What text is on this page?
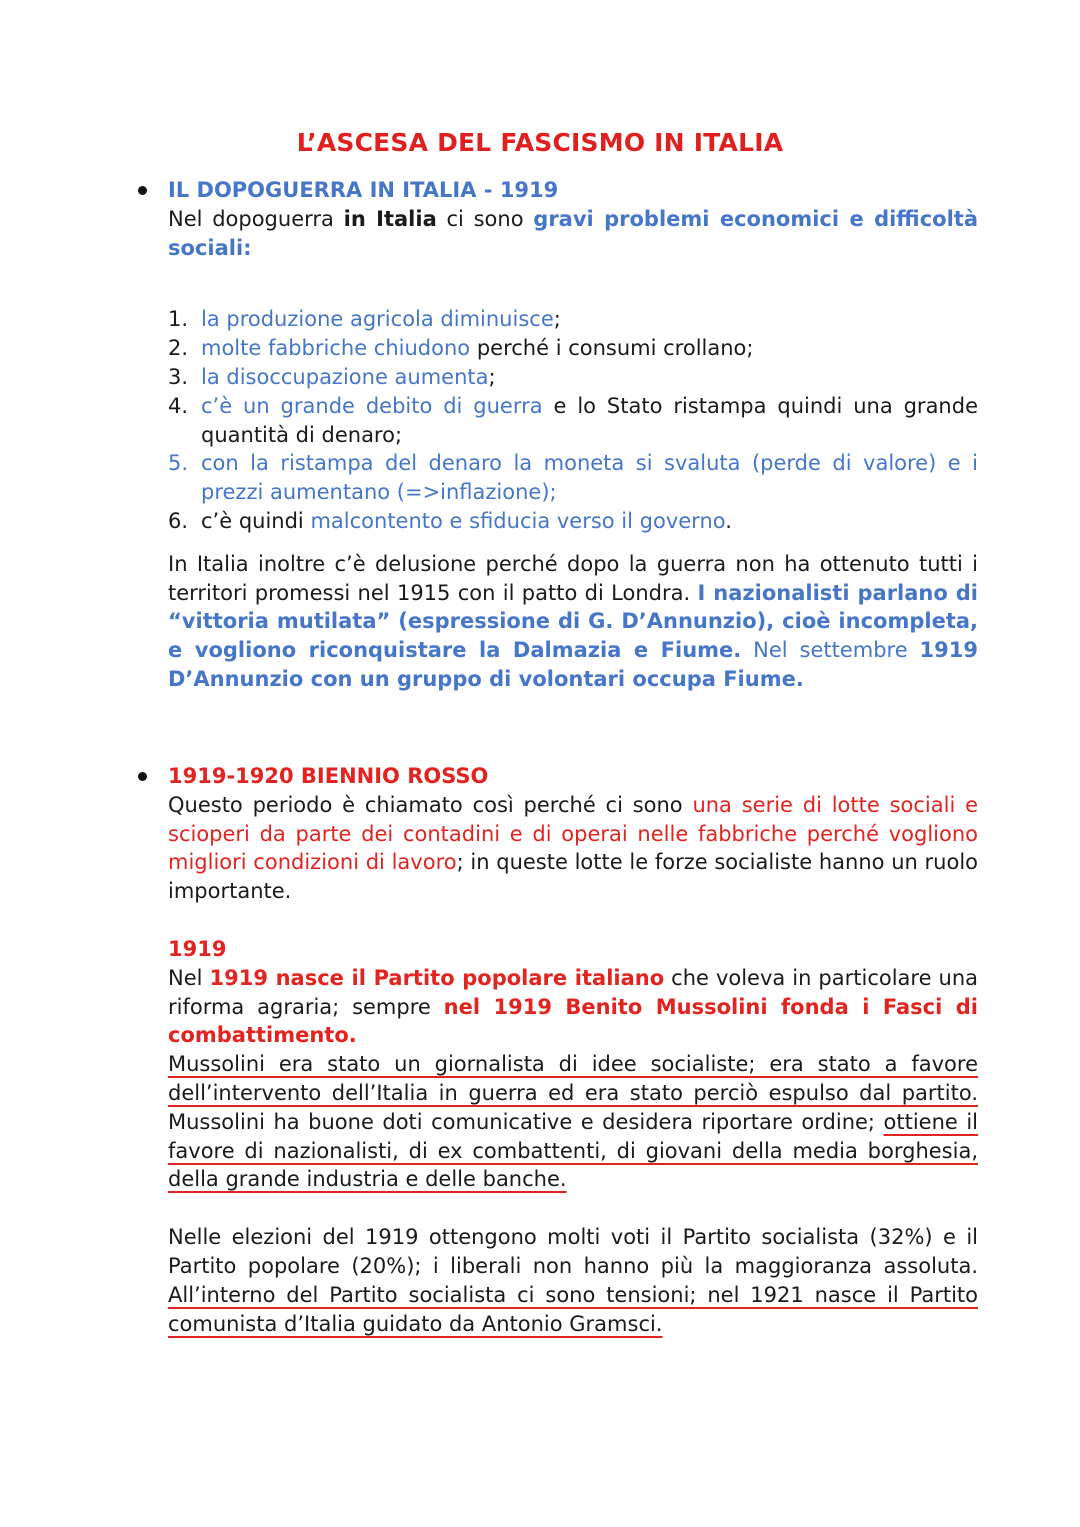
L’ASCESA DEL FASCISMO IN ITALIA

IL DOPOGUERRA IN ITALIA - 1919

Nel dopoguerra in Italia ci sono gravi problemi economici e difficoltà sociali:

1. la produzione agricola diminuisce;
2. molte fabbriche chiudono perché i consumi crollano;
3. la disoccupazione aumenta;
4. c’è un grande debito di guerra e lo Stato ristampa quindi una grande quantità di denaro;
5. con la ristampa del denaro la moneta si svaluta (perde di valore) e i prezzi aumentano (=>inflazione);
6. c’è quindi malcontento e sfiducia verso il governo.

In Italia inoltre c’è delusione perché dopo la guerra non ha ottenuto tutti i territori promessi nel 1915 con il patto di Londra. I nazionalisti parlano di “vittoria mutilata” (espressione di G. D’Annunzio), cioè incompleta, e vogliono riconquistare la Dalmazia e Fiume. Nel settembre 1919 D’Annunzio con un gruppo di volontari occupa Fiume.

1919-1920 BIENNIO ROSSO

Questo periodo è chiamato così perché ci sono una serie di lotte sociali e scioperi da parte dei contadini e di operai nelle fabbriche perché vogliono migliori condizioni di lavoro; in queste lotte le forze socialiste hanno un ruolo importante.

1919

Nel 1919 nasce il Partito popolare italiano che voleva in particolare una riforma agraria; sempre nel 1919 Benito Mussolini fonda i Fasci di combattimento.

Mussolini era stato un giornalista di idee socialiste; era stato a favore dell’intervento dell’Italia in guerra ed era stato perciò espulso dal partito. Mussolini ha buone doti comunicative e desidera riportare ordine; ottiene il favore di nazionalisti, di ex combattenti, di giovani della media borghesia, della grande industria e delle banche.

Nelle elezioni del 1919 ottengono molti voti il Partito socialista (32%) e il Partito popolare (20%); i liberali non hanno più la maggioranza assoluta. All’interno del Partito socialista ci sono tensioni; nel 1921 nasce il Partito comunista d’Italia guidato da Antonio Gramsci.
